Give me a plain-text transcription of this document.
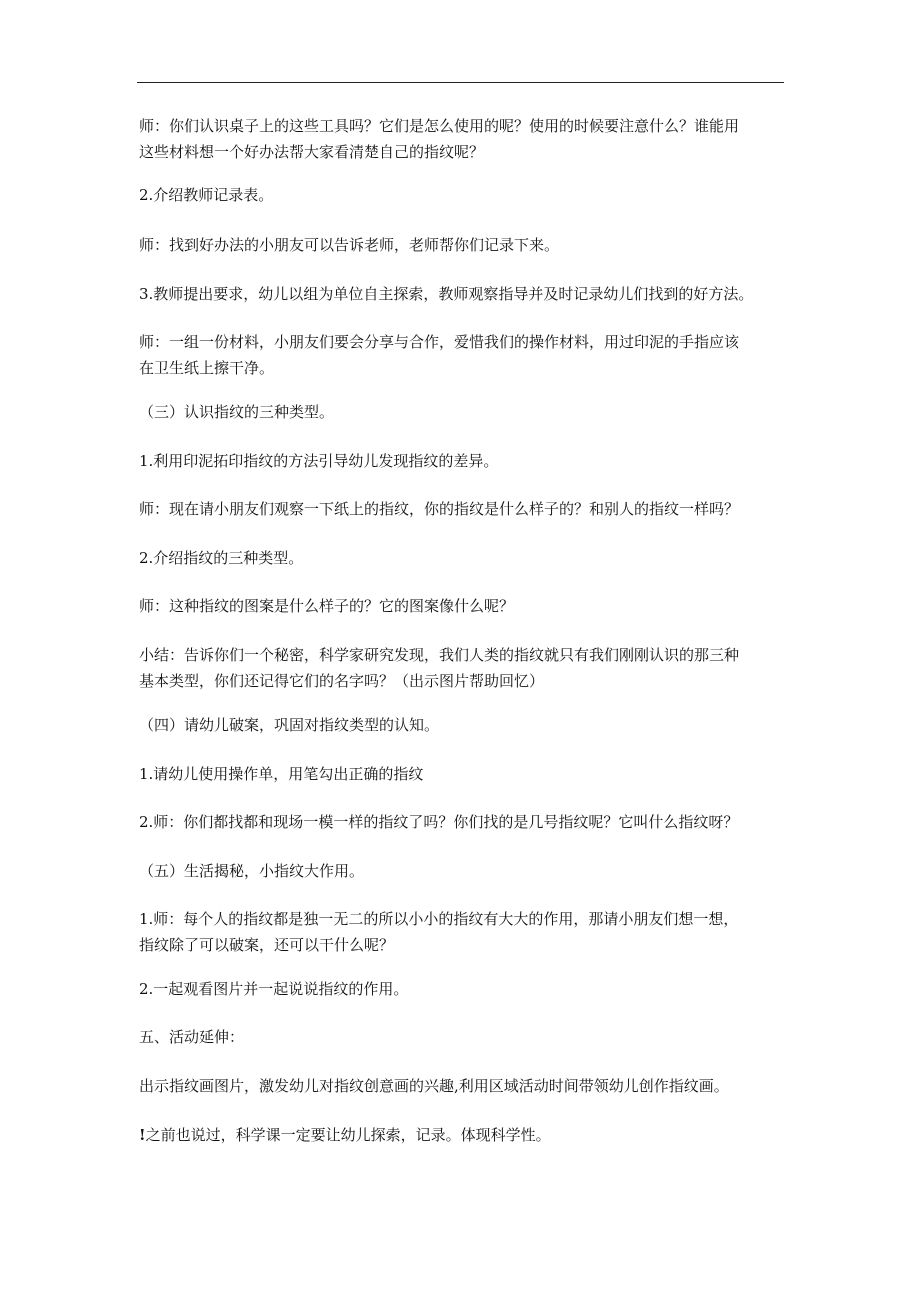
师：你们认识桌子上的这些工具吗？它们是怎么使用的呢？使用的时候要注意什么？谁能用
这些材料想一个好办法帮大家看清楚自己的指纹呢？
2.介绍教师记录表。
师：找到好办法的小朋友可以告诉老师，老师帮你们记录下来。
3.教师提出要求，幼儿以组为单位自主探索，教师观察指导并及时记录幼儿们找到的好方法。
师：一组一份材料，小朋友们要会分享与合作，爱惜我们的操作材料，用过印泥的手指应该
在卫生纸上擦干净。
（三）认识指纹的三种类型。
1.利用印泥拓印指纹的方法引导幼儿发现指纹的差异。
师：现在请小朋友们观察一下纸上的指纹，你的指纹是什么样子的？和别人的指纹一样吗？
2.介绍指纹的三种类型。
师：这种指纹的图案是什么样子的？它的图案像什么呢？
小结：告诉你们一个秘密，科学家研究发现，我们人类的指纹就只有我们刚刚认识的那三种
基本类型，你们还记得它们的名字吗？（出示图片帮助回忆）
（四）请幼儿破案，巩固对指纹类型的认知。
1.请幼儿使用操作单，用笔勾出正确的指纹
2.师：你们都找都和现场一模一样的指纹了吗？你们找的是几号指纹呢？它叫什么指纹呀？
（五）生活揭秘，小指纹大作用。
1.师：每个人的指纹都是独一无二的所以小小的指纹有大大的作用，那请小朋友们想一想，
指纹除了可以破案，还可以干什么呢？
2.一起观看图片并一起说说指纹的作用。
五、活动延伸：
出示指纹画图片，激发幼儿对指纹创意画的兴趣,利用区域活动时间带领幼儿创作指纹画。
!之前也说过，科学课一定要让幼儿探索，记录。体现科学性。
